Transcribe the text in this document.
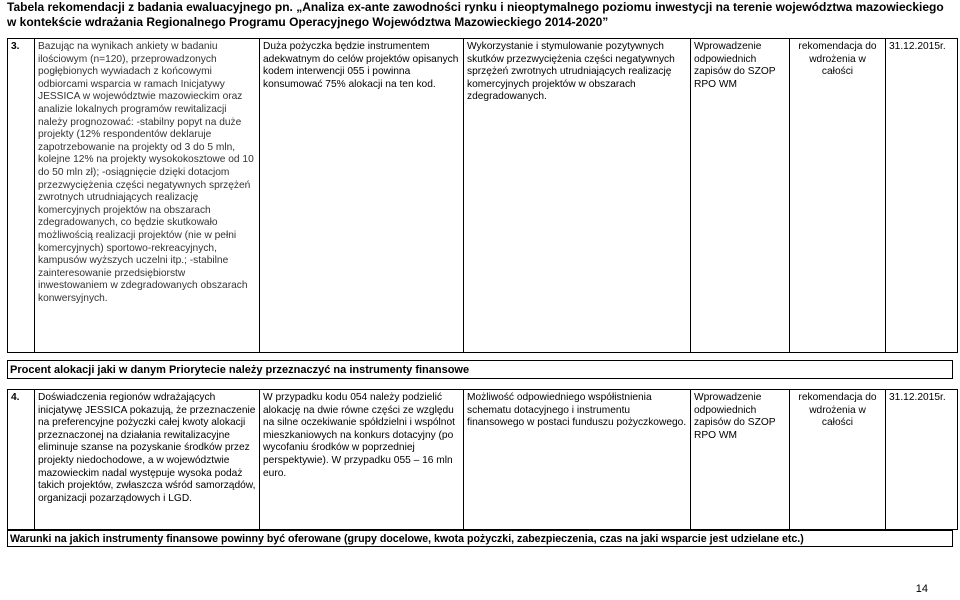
Tabela rekomendacji z badania ewaluacyjnego pn. „Analiza ex-ante zawodności rynku i nieoptymalnego poziomu inwestycji na terenie województwa mazowieckiego w kontekście wdrażania Regionalnego Programu Operacyjnego Województwa Mazowieckiego 2014-2020”
3.	Bazując na wynikach ankiety w badaniu ilościowym (n=120), przeprowadzonych pogłębionych wywiadach z końcowymi odbiorcami wsparcia w ramach Inicjatywy JESSICA w województwie mazowieckim oraz analizie lokalnych programów rewitalizacji należy prognozować: -stabilny popyt na duże projekty (12% respondentów deklaruje zapotrzebowanie na projekty od 3 do 5 mln, kolejne 12% na projekty wysokokosztowe od 10 do 50 mln zł); -osiągnięcie dzięki dotacjom przezwyciężenia części negatywnych sprzężeń zwrotnych utrudniających realizację komercyjnych projektów na obszarach zdegradowanych, co będzie skutkowało możliwością realizacji projektów (nie w pełni komercyjnych) sportowo-rekreacyjnych, kampusów wyższych uczelni itp.; -stabilne zainteresowanie przedsiębiorstw inwestowaniem w zdegradowanych obszarach konwersyjnych.	Duża pożyczka będzie instrumentem adekwatnym do celów projektów opisanych kodem interwencji 055 i powinna konsumować 75% alokacji na ten kod.	Wykorzystanie i stymulowanie pozytywnych skutków przezwyciężenia części negatywnych sprzężeń zwrotnych utrudniających realizację komercyjnych projektów w obszarach zdegradowanych.	Wprowadzenie odpowiednich zapisów do SZOP RPO WM	rekomendacja do wdrożenia w całości	31.12.2015r.
Procent alokacji jaki w danym Priorytecie należy przeznaczyć na instrumenty finansowe
4.	Doświadczenia regionów wdrażających inicjatywę JESSICA pokazują, że przeznaczenie na preferencyjne pożyczki całej kwoty alokacji przeznaczonej na działania rewitalizacyjne eliminuje szanse na pozyskanie środków przez projekty niedochodowe, a w województwie mazowieckim nadal występuje wysoka podaż takich projektów, zwłaszcza wśród samorządów, organizacji pozarządowych i LGD.	W przypadku kodu 054 należy podzielić alokację na dwie równe części ze względu na silne oczekiwanie spółdzielni i wspólnot mieszkaniowych na konkurs dotacyjny (po wycofaniu środków w poprzedniej perspektywie). W przypadku 055 – 16 mln euro.	Możliwość odpowiedniego współistnienia schematu dotacyjnego i instrumentu finansowego w postaci funduszu pożyczkowego.	Wprowadzenie odpowiednich zapisów do SZOP RPO WM	rekomendacja do wdrożenia w całości	31.12.2015r.
Warunki na jakich instrumenty finansowe powinny być oferowane (grupy docelowe, kwota pożyczki, zabezpieczenia, czas na jaki wsparcie jest udzielane etc.)
14
